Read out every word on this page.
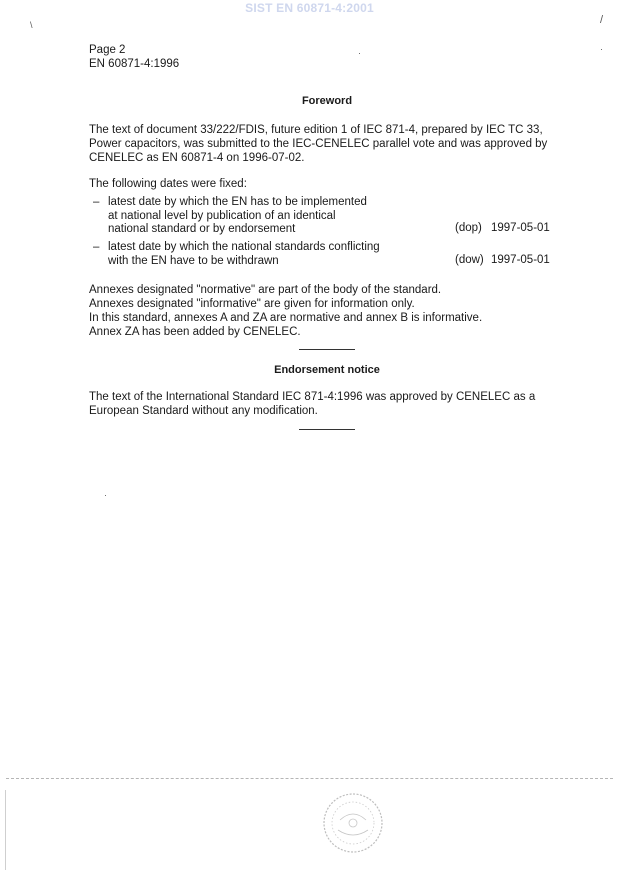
SIST EN 60871-4:2001
\	/
·
Page 2
EN 60871-4:1996
Foreword

The text of document 33/222/FDIS, future edition 1 of IEC 871-4, prepared by IEC TC 33,

Power capacitors, was submitted to the IEC-CENELEC parallel vote and was approved by

CENELEC as EN 60871-4 on 1996-07-02.

The following dates were fixed:
– latest date by which the EN has to be implemented
at national level by publication of an identical
national standard or by endorsement	(dop) 1997-05-01
– latest date by which the national standards conflicting
with the EN have to be withdrawn	(dow) 1997-05-01

Annexes designated "normative" are part of the body of the standard.

Annexes designated "informative" are given for information only.

In this standard, annexes A and ZA are normative and annex B is informative.

Annex ZA has been added by CENELEC.

Endorsement notice

The text of the International Standard IEC 871-4:1996 was approved by CENELEC as a

European Standard without any modification.

·
·
